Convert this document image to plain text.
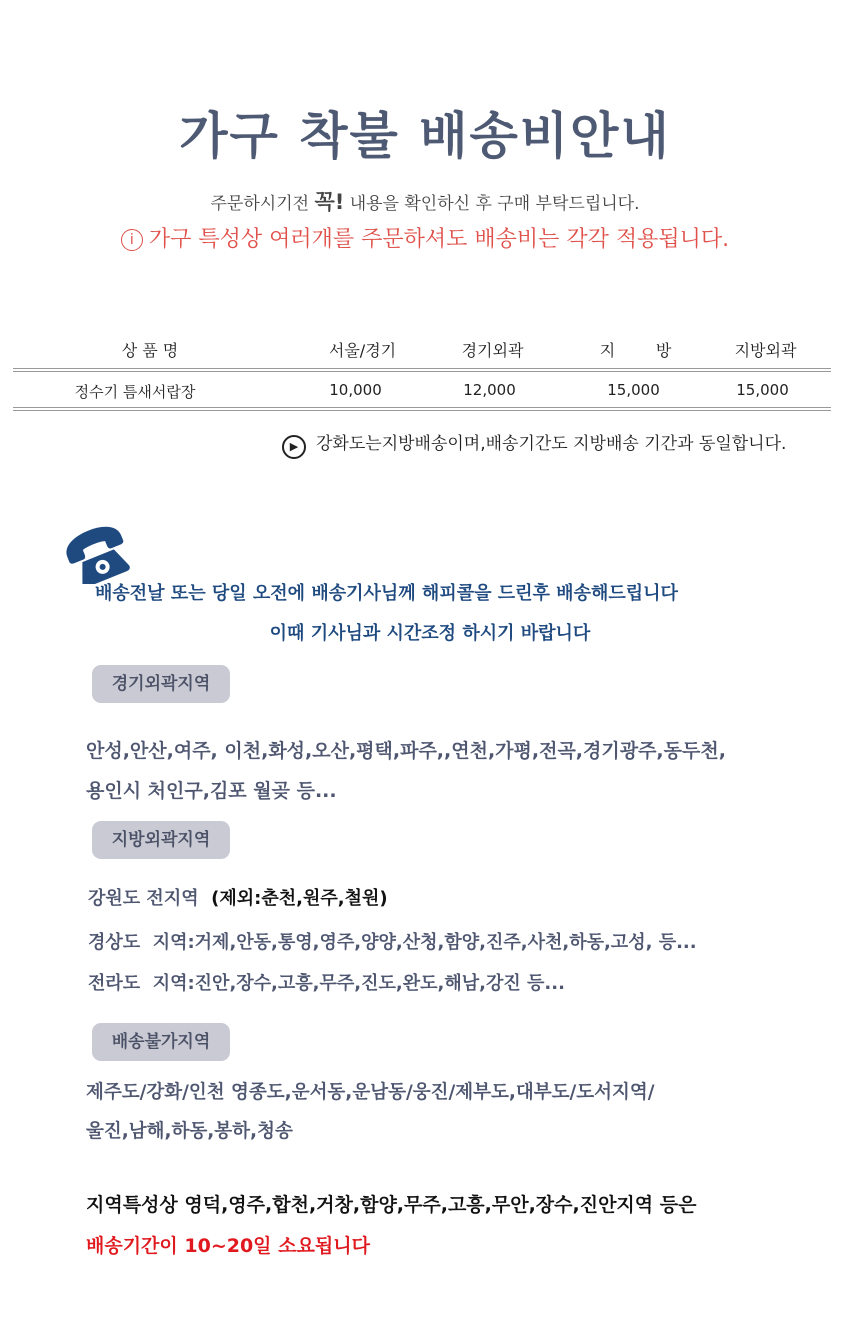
가구 착불 배송비안내
주문하시기전 꼭! 내용을 확인하신 후 구매 부탁드립니다.
i 가구 특성상 여러개를 주문하셔도 배송비는 각각 적용됩니다.
상 품 명	서울/경기	경기외곽	지        방	지방외곽
정수기 틈새서랍장	10,000	12,000	15,000	15,000
▶ 강화도는지방배송이며,배송기간도 지방배송 기간과 동일합니다.
배송전날 또는 당일 오전에 배송기사님께 해피콜을 드린후 배송해드립니다
이때 기사님과 시간조정 하시기 바랍니다
경기외곽지역
안성,안산,여주, 이천,화성,오산,평택,파주,,연천,가평,전곡,경기광주,동두천,
용인시 처인구,김포 월곶 등...
지방외곽지역
강원도 전지역  (제외:춘천,원주,철원)
경상도  지역:거제,안동,통영,영주,양양,산청,함양,진주,사천,하동,고성, 등...
전라도  지역:진안,장수,고흥,무주,진도,완도,해남,강진 등...
배송불가지역
제주도/강화/인천 영종도,운서동,운남동/웅진/제부도,대부도/도서지역/
울진,남해,하동,봉하,청송
지역특성상 영덕,영주,합천,거창,함양,무주,고흥,무안,장수,진안지역 등은
배송기간이 10~20일 소요됩니다
